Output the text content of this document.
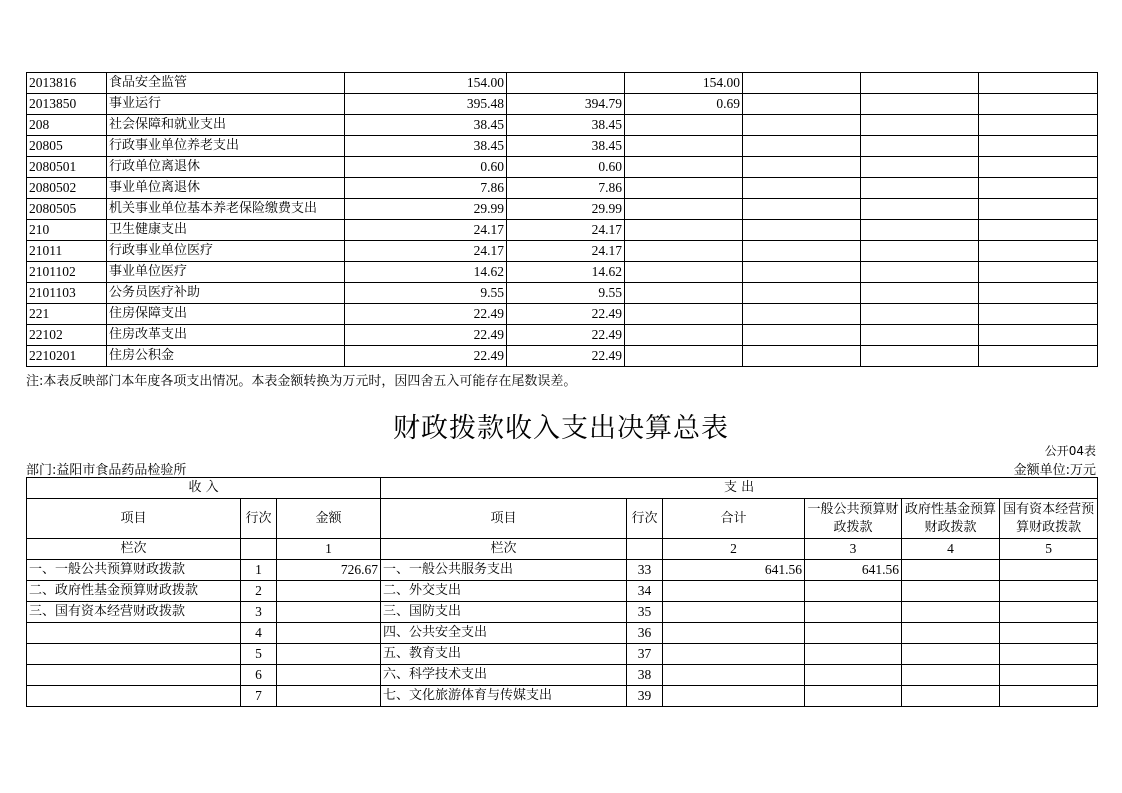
2013816	食品安全监管	154.00		154.00			
2013850	事业运行	395.48	394.79	0.69			
208	社会保障和就业支出	38.45	38.45				
20805	行政事业单位养老支出	38.45	38.45				
2080501	行政单位离退休	0.60	0.60				
2080502	事业单位离退休	7.86	7.86				
2080505	机关事业单位基本养老保险缴费支出	29.99	29.99				
210	卫生健康支出	24.17	24.17				
21011	行政事业单位医疗	24.17	24.17				
2101102	事业单位医疗	14.62	14.62				
2101103	公务员医疗补助	9.55	9.55				
221	住房保障支出	22.49	22.49				
22102	住房改革支出	22.49	22.49				
2210201	住房公积金	22.49	22.49				
注:本表反映部门本年度各项支出情况。本表金额转换为万元时，因四舍五入可能存在尾数误差。
财政拨款收入支出决算总表
公开04表
部门:益阳市食品药品检验所	金额单位:万元
收 入			支 出					
项目	行次	金额	项目	行次	合计	一般公共预算财政拨款	政府性基金预算财政拨款	国有资本经营预算财政拨款
栏次		1	栏次		2	3	4	5
一、一般公共预算财政拨款	1	726.67	一、一般公共服务支出	33	641.56	641.56		
二、政府性基金预算财政拨款	2		二、外交支出	34				
三、国有资本经营财政拨款	3		三、国防支出	35				
	4		四、公共安全支出	36				
	5		五、教育支出	37				
	6		六、科学技术支出	38				
	7		七、文化旅游体育与传媒支出	39				
